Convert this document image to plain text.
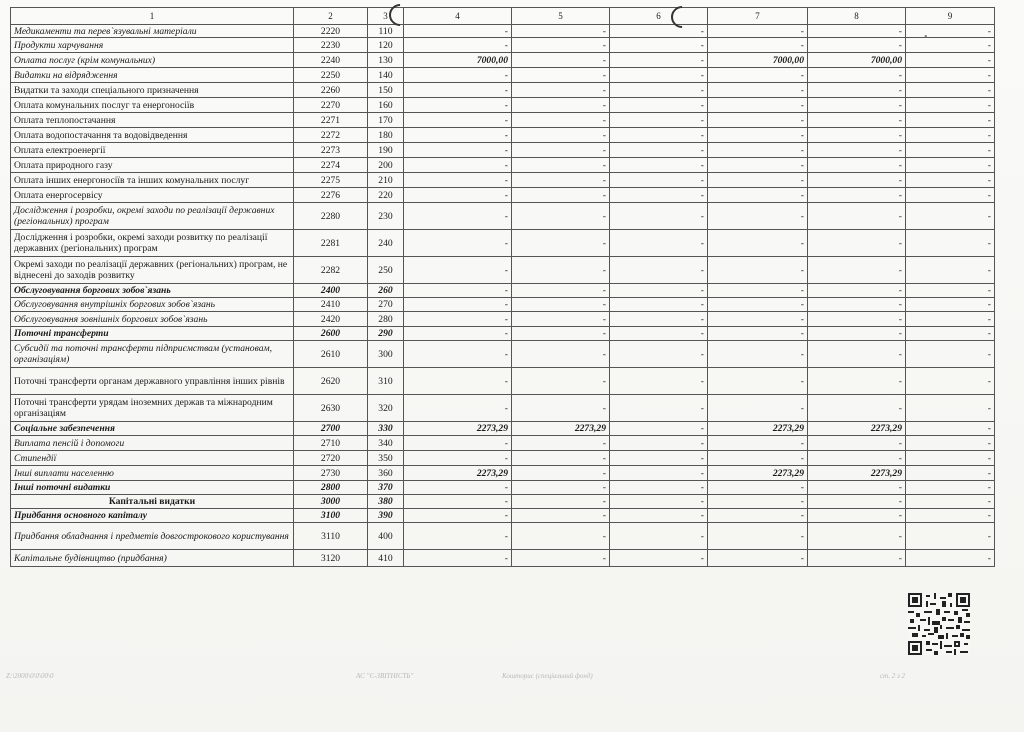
1	2	3	4	5	6	7	8	9
Медикаменти та перев`язувальні матеріали	2220	110	-	-	-	-	-	-
Продукти харчування	2230	120	-	-	-	-	-	-
Оплата послуг (крім комунальних)	2240	130	7000,00	-	-	7000,00	7000,00	-
Видатки на відрядження	2250	140	-	-	-	-	-	-
Видатки та заходи спеціального призначення	2260	150	-	-	-	-	-	-
Оплата комунальних послуг та енергоносіїв	2270	160	-	-	-	-	-	-
Оплата теплопостачання	2271	170	-	-	-	-	-	-
Оплата водопостачання та водовідведення	2272	180	-	-	-	-	-	-
Оплата електроенергії	2273	190	-	-	-	-	-	-
Оплата природного газу	2274	200	-	-	-	-	-	-
Оплата інших енергоносіїв та інших комунальних послуг	2275	210	-	-	-	-	-	-
Оплата енергосервісу	2276	220	-	-	-	-	-	-
Дослідження і розробки, окремі заходи по реалізації державних (регіональних) програм	2280	230	-	-	-	-	-	-
Дослідження і розробки, окремі заходи розвитку по реалізації державних (регіональних) програм	2281	240	-	-	-	-	-	-
Окремі заходи по реалізації державних (регіональних) програм, не віднесені до заходів розвитку	2282	250	-	-	-	-	-	-
Обслуговування боргових зобов`язань	2400	260	-	-	-	-	-	-
Обслуговування внутрішніх боргових зобов`язань	2410	270	-	-	-	-	-	-
Обслуговування зовнішніх боргових зобов`язань	2420	280	-	-	-	-	-	-
Поточні трансферти	2600	290	-	-	-	-	-	-
Субсидії та поточні трансферти підприємствам (установам, організаціям)	2610	300	-	-	-	-	-	-
Поточні трансферти органам державного управління інших рівнів	2620	310	-	-	-	-	-	-
Поточні трансферти урядам іноземних держав та міжнародним організаціям	2630	320	-	-	-	-	-	-
Соціальне забезпечення	2700	330	2273,29	2273,29	-	2273,29	2273,29	-
Виплата пенсій і допомоги	2710	340	-	-	-	-	-	-
Стипендії	2720	350	-	-	-	-	-	-
Інші виплати населенню	2730	360	2273,29	-	-	2273,29	2273,29	-
Інші поточні видатки	2800	370	-	-	-	-	-	-
Капітальні видатки	3000	380	-	-	-	-	-	-
Придбання основного капіталу	3100	390	-	-	-	-	-	-
Придбання обладнання і предметів довгострокового користування	3110	400	-	-	-	-	-	-
Капітальне будівництво (придбання)	3120	410	-	-	-	-	-	-
•
Z:\2000\0\0\00\0	АС "Є-ЗВІТНІСТЬ"	Кошторис (спеціальний фонд)	ст. 2 з 2
